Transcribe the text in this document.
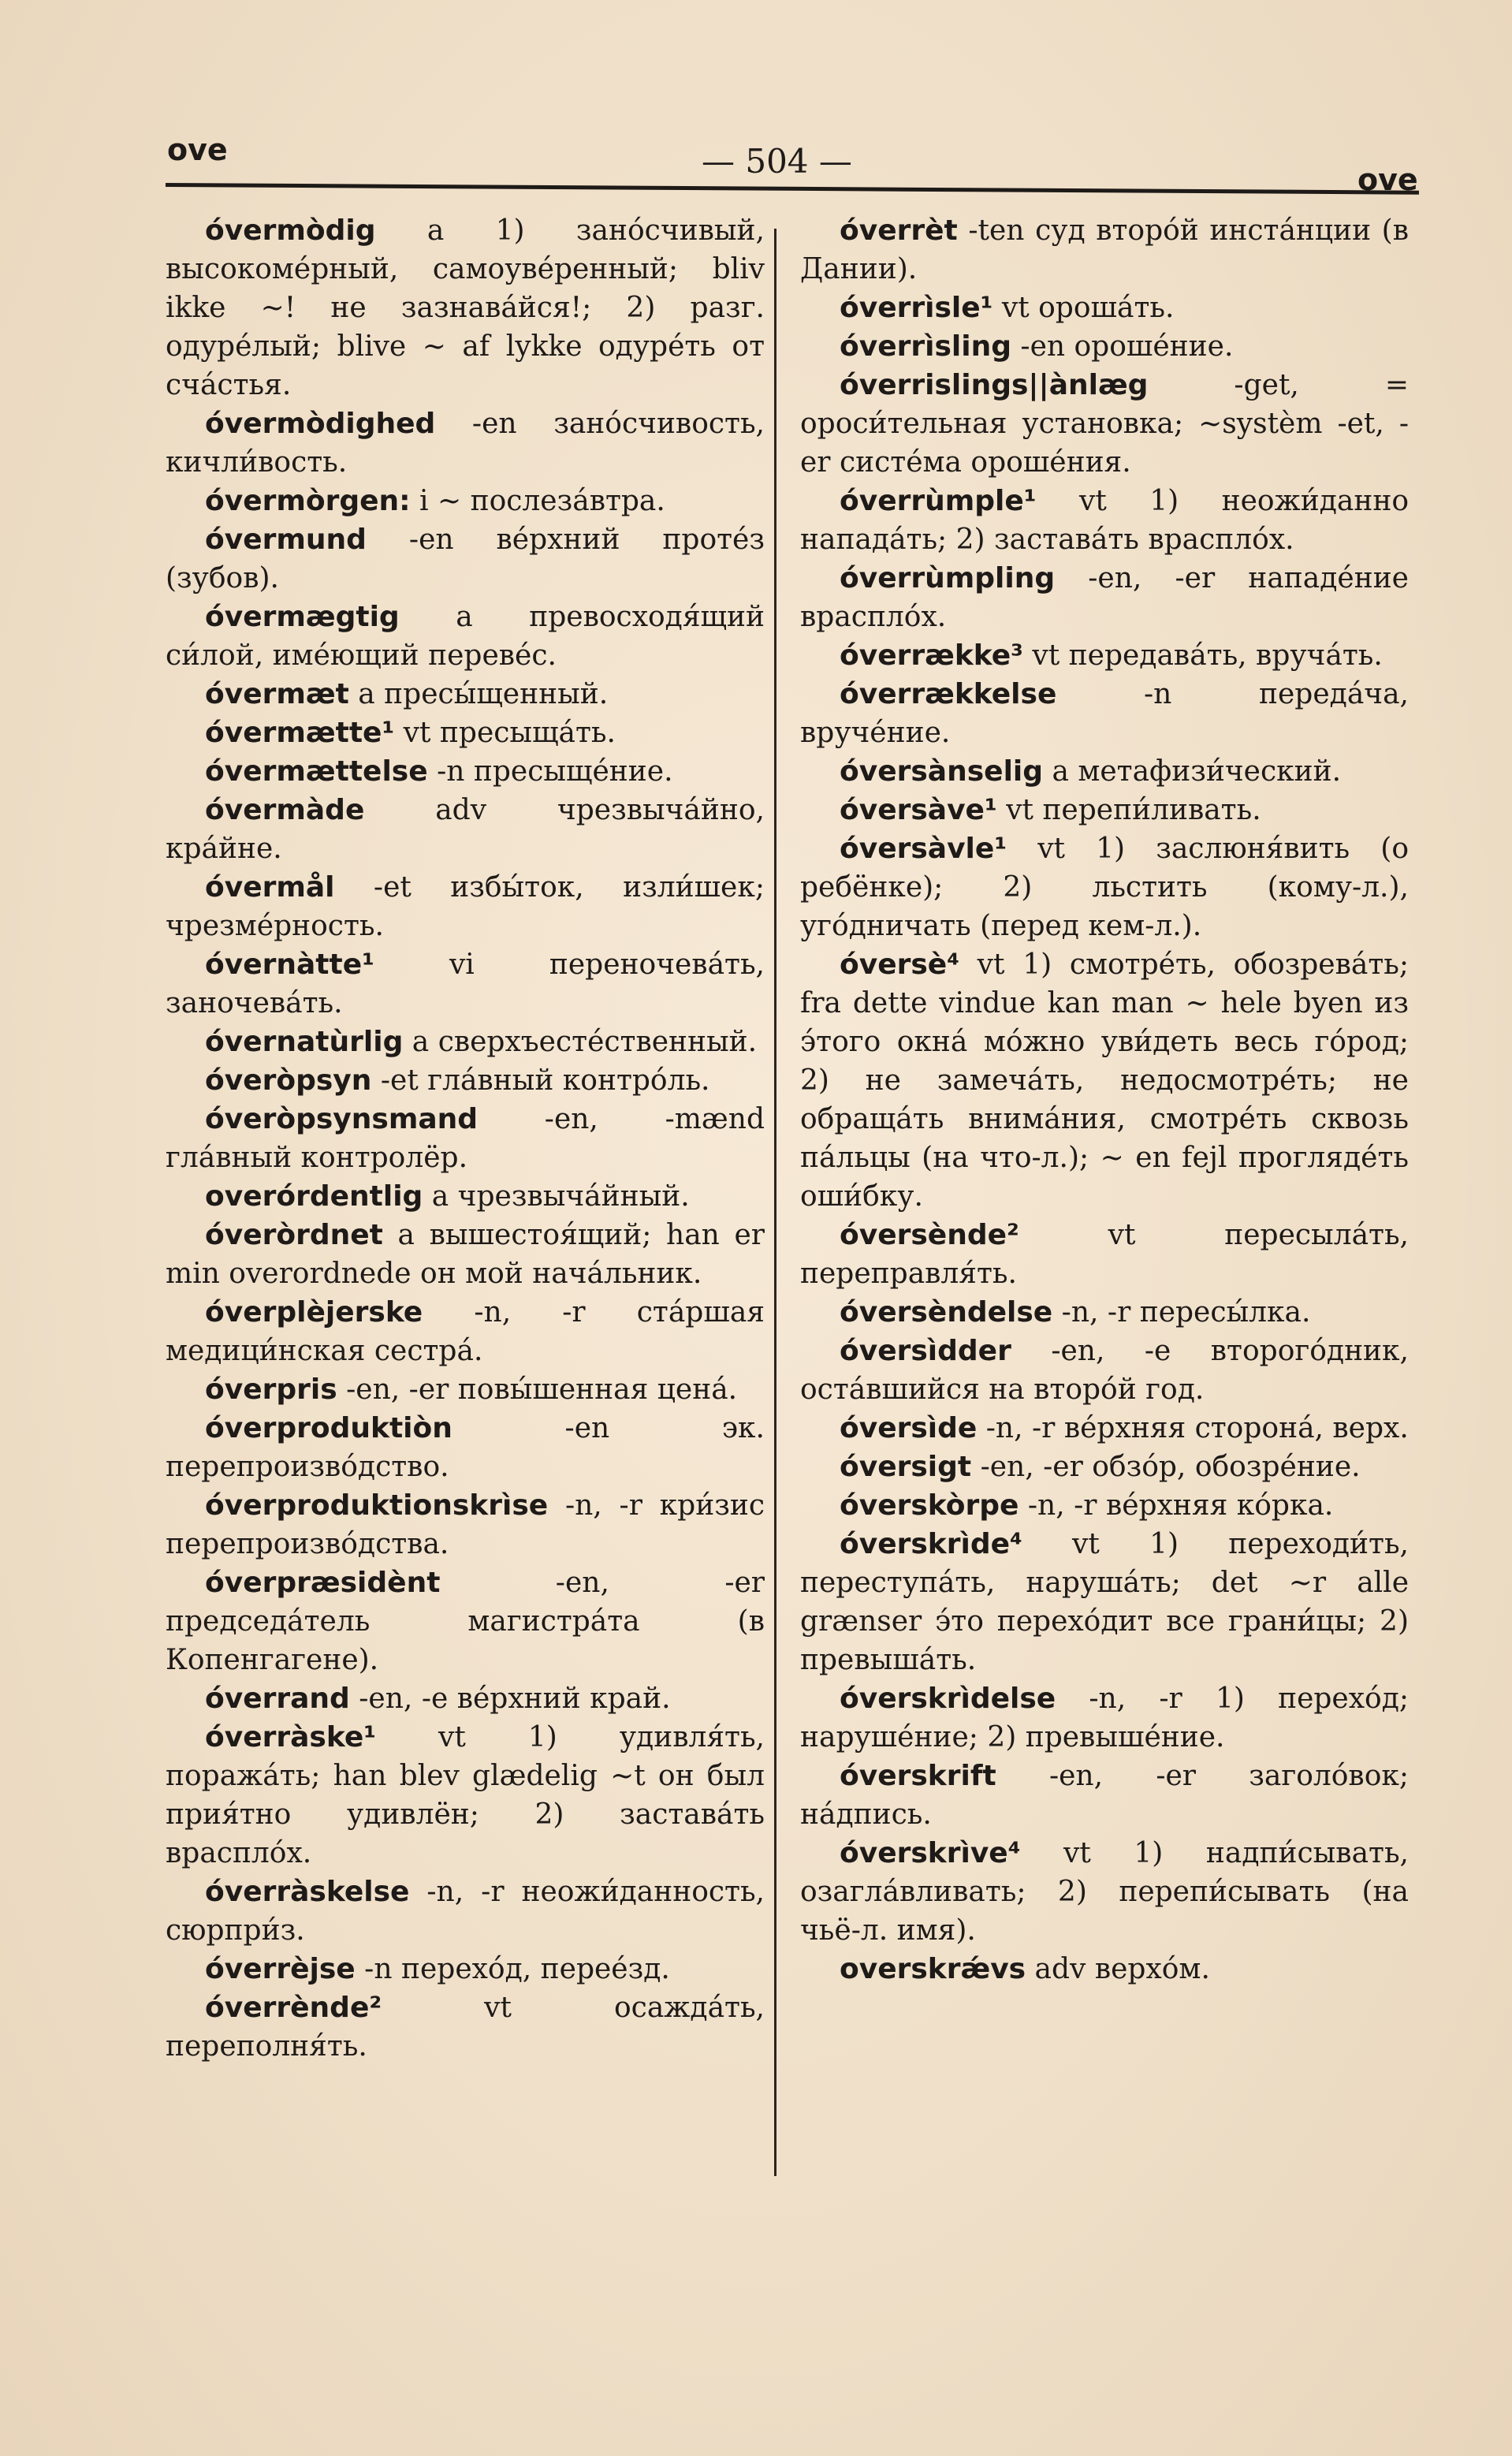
ove	— 504 —	ove

óvermòdig a 1) занóсчивый, высокомéрный, самоувéренный; bliv ikke ~! не зазнавáйся!; 2) разг. одурéлый; blive ~ af lykke одурéть от счáстья.

óvermòdighed -en занóсчивость, кичли́вость.

óvermòrgen: i ~ послезáвтра.

óvermund -en вéрхний протéз (зубов).

óvermægtig a превосходя́щий си́лой, имéющий перевéс.

óvermæt a пресы́щенный.

óvermætte¹ vt пресыщáть.

óvermættelse -n пресыщéние.

óvermàde adv чрезвычáйно, крáйне.

óvermål -et избы́ток, изли́шек; чрезмéрность.

óvernàtte¹ vi переночевáть, заночевáть.

óvernatùrlig a сверхъестéственный.

óveròpsyn -et глáвный контрóль.

óveròpsynsmand -en, -mænd глáвный контролёр.

overórdentlig a чрезвычáйный.

óveròrdnet a вышестоя́щий; han er min overordnede он мой начáльник.

óverplèjerske -n, -r стáршая медици́нская сестрá.

óverpris -en, -er повы́шенная ценá.

óverproduktiòn -en эк. перепроизвóдство.

óverproduktionskrìse -n, -r кри́зис перепроизвóдства.

óverpræsidènt -en, -er председáтель магистрáта (в Копенгагене).

óverrand -en, -e вéрхний край.

óverràske¹ vt 1) удивля́ть, поражáть; han blev glædelig ~t он был прия́тно удивлён; 2) заставáть врасплóх.

óverràskelse -n, -r неожи́данность, сюрпри́з.

óverrèjse -n перехóд, переéзд.

óverrènde² vt осаждáть, переполня́ть.

óverrèt -ten суд вторóй инстáнции (в Дании).

óverrìsle¹ vt орошáть.

óverrìsling -en орошéние.

óverrislings||ànlæg -get, = ороси́тельная установка; ~systèm -et, -er систéма орошéния.

óverrùmple¹ vt 1) неожи́данно нападáть; 2) заставáть врасплóх.

óverrùmpling -en, -er нападéние врасплóх.

óverrække³ vt передавáть, вручáть.

óverrækkelse -n передáча, вручéние.

óversànselig a метафизи́ческий.

óversàve¹ vt перепи́ливать.

óversàvle¹ vt 1) заслюня́вить (о ребёнке); 2) льстить (кому-л.), угóдничать (перед кем-л.).

óversè⁴ vt 1) смотрéть, обозревáть; fra dette vindue kan man ~ hele byen из э́того окнá мóжно уви́деть весь гóрод; 2) не замечáть, недосмотрéть; не обращáть внимáния, смотрéть сквозь пáльцы (на что-л.); ~ en fejl проглядéть оши́бку.

óversènde² vt пересылáть, переправля́ть.

óversèndelse -n, -r пересы́лка.

óversìdder -en, -e второгóдник, остáвшийся на вторóй год.

óversìde -n, -r вéрхняя сторонá, верх.

óversigt -en, -er обзóр, обозрéние.

óverskòrpe -n, -r вéрхняя кóрка.

óverskrìde⁴ vt 1) переходи́ть, переступáть, нарушáть; det ~r alle grænser э́то перехóдит все грани́цы; 2) превышáть.

óverskrìdelse -n, -r 1) перехóд; нарушéние; 2) превышéние.

óverskrift -en, -er заголóвок; нáдпись.

óverskrìve⁴ vt 1) надпи́сывать, озаглáвливать; 2) перепи́сывать (на чьё-л. имя).

overskrǽvs adv верхóм.
